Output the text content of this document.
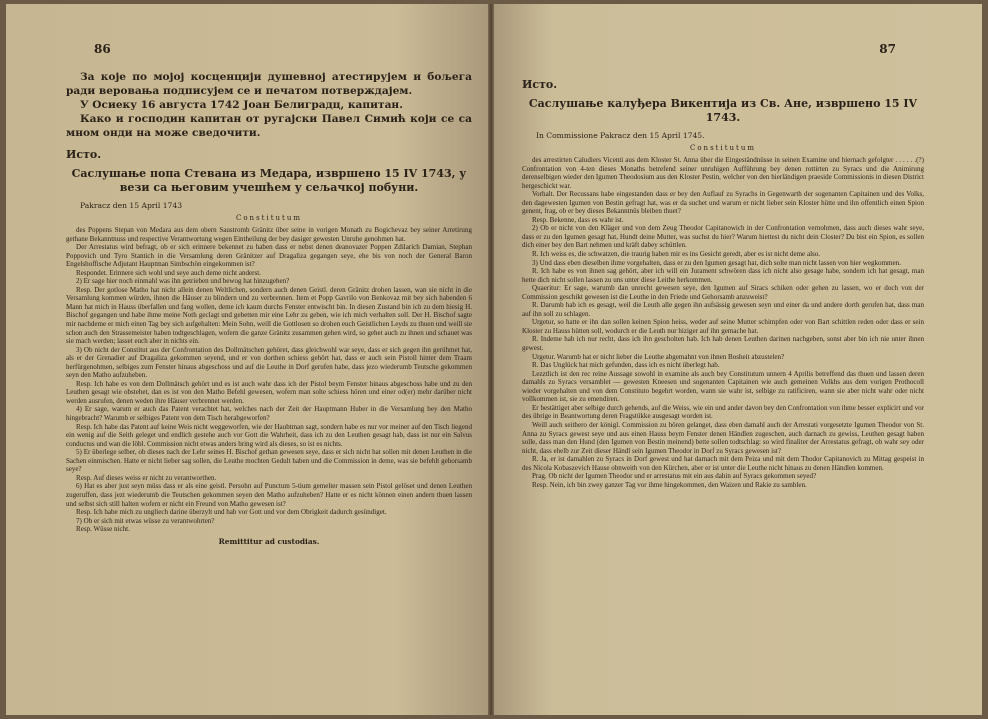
86

За које по мојој косценцији душевној атестирујем и бољега ради веровања подписујем се и печатом потверждајем.

У Осиеку 16 августа 1742 Јоан Белиградц, капитан.

Како и господин капитан от ругајски Павел Симић који се са мном онди на може сведочити.

Исто.
Саслушање попа Стевана из Медара, извршено 15 IV 1743, у вези са његовим учешћем у сељачкој побуни.
Pakracz den 15 April 1743
Constitutum

des Poppens Stepan von Medara aus dem obern Saustromb Gränitz über seine in vorigen Monath zu Bogichevaz bey seiner Arretirung gethane Bekanntnuss und respective Verantwortung wegen Eintheilung der bey dasiger gewesten Unruhe genohmen hat.

Der Arrestatus wird befragt, ob er sich erinnere bekennet zu haben dass er nebst denen deanovazer Poppen Zdilarich Damian, Stephan Poppovich und Tyro Stantich in die Versamlung deren Gränitzer auf Dragaliza gegangen seye, ehe bis von noch der General Baron Engelshoffische Adjutant Hauptman Simbschön eingekommen ist?

Respondet. Erinnere sich wohl und seye auch deme nicht anderst.

2) Er sage hier noch einmahl was ihn getrieben und bewog hat hinzugehen?

Resp. Der gotlose Matho hat nicht allein denen Weltlichen, sondern auch denen Geistl. deren Gränitz drohen lassen, wan sie nicht in die Versamlung kommen würden, ihnen die Häuser zu blindern und zu verbrennen. Item et Popp Gavrilo von Benkovaz mit bey sich habenden 6 Mann hat mich in Hauss überfallen und fang wollen, deme ich kaum durchs Fenster entwischt bin. In diesen Zustand bin ich zu dem hiesig H. Bischof gegangen und habe ihme meine Noth geclagt und gebetten mir eine Lehr zu geben, wie ich mich verhalten soll. Der H. Bischof sagte mir nachdeme er mich einen Tag bey sich aufgehalten: Mein Sohn, weill die Gottlosen so drohen euch Geistlichen Leyds zu thuen und weill sie schon auch den Strassemeister haben todtgeschlagen, wofern die ganze Gränitz zusammen gehen wird, so gehet auch zu ihnen und schauet was sie mach werden; lasset euch aber in nichts ein.

3) Ob nicht der Constitut aus der Confrontation des Dollmätschen gehöret, dass gleichwohl war seye, dass er sich gegen ihn gerühmet hat, als er der Grenadier auf Dragaliza gekommen seyend, und er von dorthen schiess gehört hat, dass er auch sein Pistoll hinter dem Traam herfürgenohmen, selbiges zum Fenster hinaus abgeschoss und auf die Leuthe in Dorf gerufen habe, dass jezo wiederumb Teutsche gekommen seyn den Matho aufzuheben.

Resp. Ich habe es von dem Dollmätsch gehört und es ist auch wahr dass ich der Pistol beym Fenster hinaus abgeschoss habe und zu den Leuthen gesagt wie obstehet, dan es ist von den Matho Befehl gewesen, wofern man solte schiess hören und einer od(er) mehr darüber nicht werden ausrufen, denen weden ihre Häuser verbrennet werden.

4) Er sage, warum er auch das Patent verachtet hat, welches nach der Zeit der Hauptmann Huber in die Versamlung bey den Matho hingebracht? Warumb er selbiges Patent von dem Tisch herabgeworfen?

Resp. Ich habe das Patent auf keine Weis nicht weggeworfen, wie der Haubtman sagt, sondern habe es nur vor meiner auf den Tisch liegend ein wenig auf die Seith geleget und endlich gestehe auch vor Gott die Wahrheit, dass ich zu den Leuthen gesagt hab, dass ist nur ein Salvus conductus und wan die löbl. Commission nicht etwas anders bring wird als dieses, so ist es nichts.

5) Er überlege selber, ob dieses nach der Lehr seines H. Bischof gethan gewesen seye, dass er sich nicht hat sollen mit denen Leuthen in die Sachen einmischen. Hatte er nicht lieber sag sollen, die Leuthe mochten Gedult haben und die Commission in deme, was sie befehlt gehorsamb seye?

Resp. Auf dieses weiss er nicht zu verantworthen.

6) Hat es aber just seyn müss dass er als eine geistl. Persohn auf Punctum 5-tium gemelter massen sein Pistol gelöset und denen Leuthen zugeruffen, dass jezt wiederumb die Teutschen gekommen seyen den Matho aufzuheben? Hatte er es nicht können einen andern thuen lassen und selbst sich still halten wofern er nicht ein Freund von Matho gewesen ist?

Resp. Ich habe mich zu ungliech darine überzylt und hab vor Gott und vor dem Obrigkeit dadurch gesündiget.

7) Ob er sich mit etwas wüsse zu verantwohrten?

Resp. Wüsse nicht.

Remittitur ad custodias.
87
Исто.
Саслушање калуђера Викентија из Св. Ане, извршено 15 IV 1743.
In Commissione Pakracz den 15 April 1745.
Constitutum

des arrestirten Caludiers Vicenti aus dem Kloster St. Anna über die Eingeständnüsse in seinen Examine und hiernach gefolgter . . . . . .(?) Confrontation von 4-ten dieses Monaths betrefend seiner unruhigen Aufführung bey denen rottirten zu Syracs und die Animirung derenselbigen wieder den Igumen Theodosium aus den Kloster Pestin, welcher von den hierländigen praeside Commissionis in diesen District hergeschickt war.

Vorhalt. Der Recussans habe eingestanden dass er bey den Auflauf zu Syrachs in Gegenwarth der sogenanten Capitainen und des Volks, den dagewesten Igumen von Bestin gefragt hat, was er da suchet und warum er nicht lieber sein Kloster hütte und ihn offentlich einen Spion genent, frag, ob er bey dieses Bekanntnüs bleiben thuet?

Resp. Bekenne, dass es wahr ist.

2) Ob er nicht von den Kläger und von dem Zeug Theodor Capitanowich in der Confrontation vernohmen, dass auch dieses wahr seye, dass er zu den Igumen gesagt hat, Hundt deine Mutter, was suchst du hier? Warum hiettest du nicht dein Closter? Du bist ein Spion, es sollen dich einer bey den Bart nehmen und kräft dabey schüttlen.

R. Ich weiss es, die schwatzen, die traurig haben mir es ins Gesicht geredt, aber es ist nicht deme also.

3) Und dass eben dieselben ihme vorgehalten, dass er zu den Igumen gesagt hat, dich solte man nicht lassen von hier wegkommen.

R. Ich habe es von ihnen sag gehört, aber ich will ein Jurament schwören dass ich nicht also gesage habe, sondern ich hat gesagt, man hette dich nicht sollen lassen zu uns unter diese Leithe herkommen.

Quaeritur: Er sage, warumb dan unrecht gewesen seye, den Igumen auf Siracs schiken oder gehen zu lassen, wo er doch von der Commission geschikt gewesen ist die Leuthe in den Friede und Gehorsamb anzuweist?

R. Darumb hab ich es gesagt, weil die Leuth alle gegen ihn aufsässig gewesen seyn und einer da und andere dorth gerufen hat, dass man auf ihn soll zu schlagen.

Urgetur, so hatte er ihn dan sollen keinen Spion heiss, weder auf seine Mutter schimpfen oder von Bart schittlen reden oder dass er sein Kloster zu Hauss hütten soll, wodurch er die Leuth nur hiziger auf ihn gemache hat.

R. Indeme hab ich nur recht, dass ich ihn gescholten hab. Ich hab denen Leuthen darinen nachgeben, sonst aber bin ich nie unter ihnen gewest.

Urgetur. Warumb hat er nicht lieber die Leuthe abgemahnt von ihnen Bosheit abzustelen?

R. Das Unglück hat mich gefunden, dass ich es nicht überlegt hab.

Lezztlich ist den rec reine Aussage sowohl in examine als auch bey Constitutum unnern 4 Aprilis betreffend das thuen und lassen deren damahls zu Syracs versamblet — gewesten Kneesen und sogenanten Capitainen wie auch gemeinen Volkhs aus dem vorigen Prothocoll wieder vorgehalten und von dem Constituto begehrt worden, wann sie wahr ist, selbige zu ratificiren, wann sie aber nicht wahr oder nicht vollkommen ist, sie zu emendiren.

Er bestättiget aber selbige durch gehends, auf die Weiss, wie ein und ander davon bey den Confrontation von ihme besser explicirt und vor des übrige in Beantwortung deren Fragstükke ausgesagt worden ist.

Weill auch seithero der königl. Commission zu hören gelanget, dass eben damahl auch der Arrestati vorgesetzte Igumen Theodor von St. Anna zu Syracs gewest seye und aus einen Hauss beym Fenster denen Händlen zugeschen, auch darnach zu gewiss, Leuthen gesagt haben solle, dass man den Hund (den Igumen von Bestin meinend) bette sollen todtschlag: so wird finaliter der Arrestatus gefragt, ob wahr sey oder nicht, dass ehelb zur Zeit dieser Händl sein Igumen Theodor in Dorf zu Syracs gewesen ist?

R. Ja, er ist damahlen zu Syracs in Dorf gewest und hat darnach mit dem Peiza und mit dem Thodor Capitanovich zu Mittag gespeist in des Nicola Kobaszevich Hause obnweith von den Kürchen, aber er ist unter die Leuthe nicht hinaus zu denen Händlen kommen.

Prag. Ob nicht der Igumen Theodor und er arrestatus mit ein aus dahin auf Syracs gekommen seyed?

Resp. Nein, ich bin zwey ganzer Tag vor ihme hingekommen, den Waizen und Rakie zu samblen.
